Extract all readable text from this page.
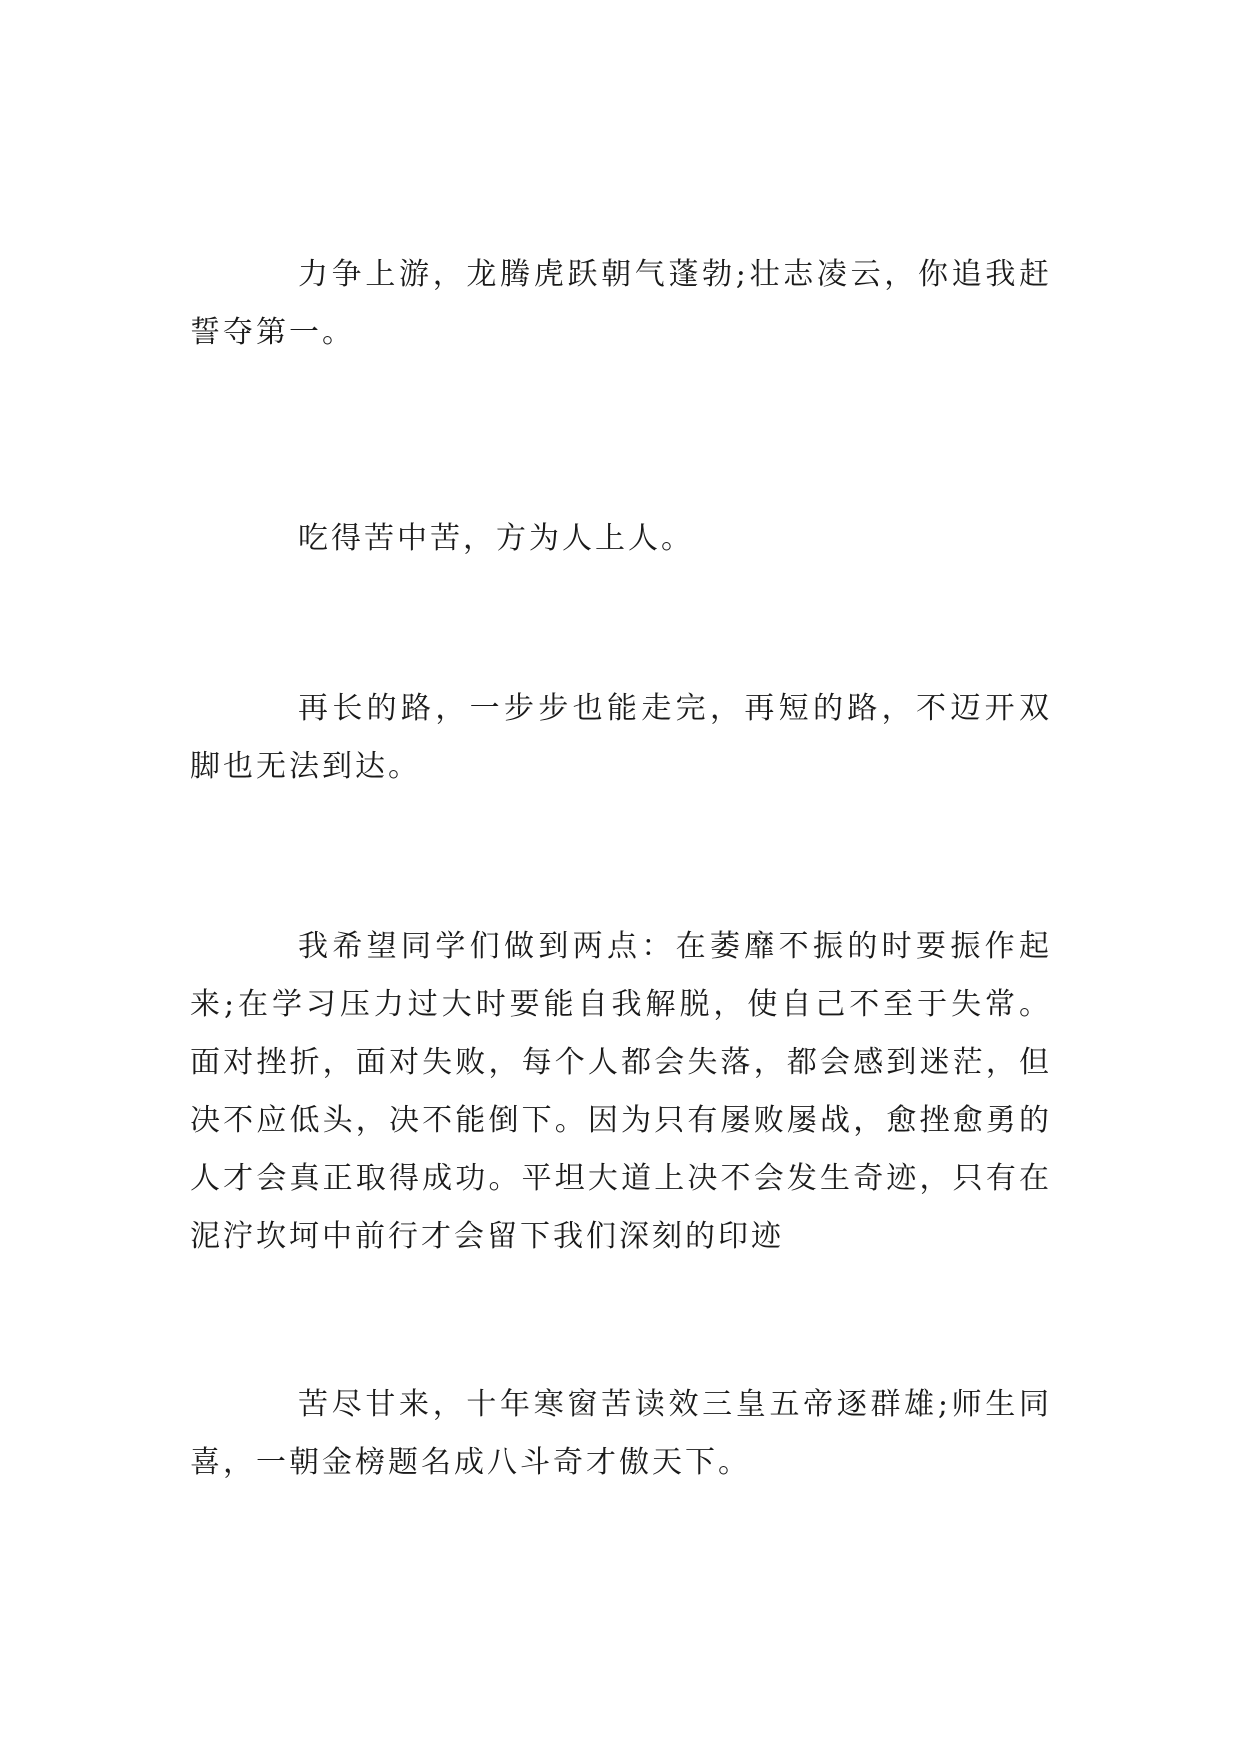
力争上游，龙腾虎跃朝气蓬勃;壮志凌云，你追我赶誓夺第一。

吃得苦中苦，方为人上人。

再长的路，一步步也能走完，再短的路，不迈开双脚也无法到达。

我希望同学们做到两点：在萎靡不振的时要振作起来;在学习压力过大时要能自我解脱，使自己不至于失常。面对挫折，面对失败，每个人都会失落，都会感到迷茫，但决不应低头，决不能倒下。因为只有屡败屡战，愈挫愈勇的人才会真正取得成功。平坦大道上决不会发生奇迹，只有在泥泞坎坷中前行才会留下我们深刻的印迹

苦尽甘来，十年寒窗苦读效三皇五帝逐群雄;师生同喜，一朝金榜题名成八斗奇才傲天下。
